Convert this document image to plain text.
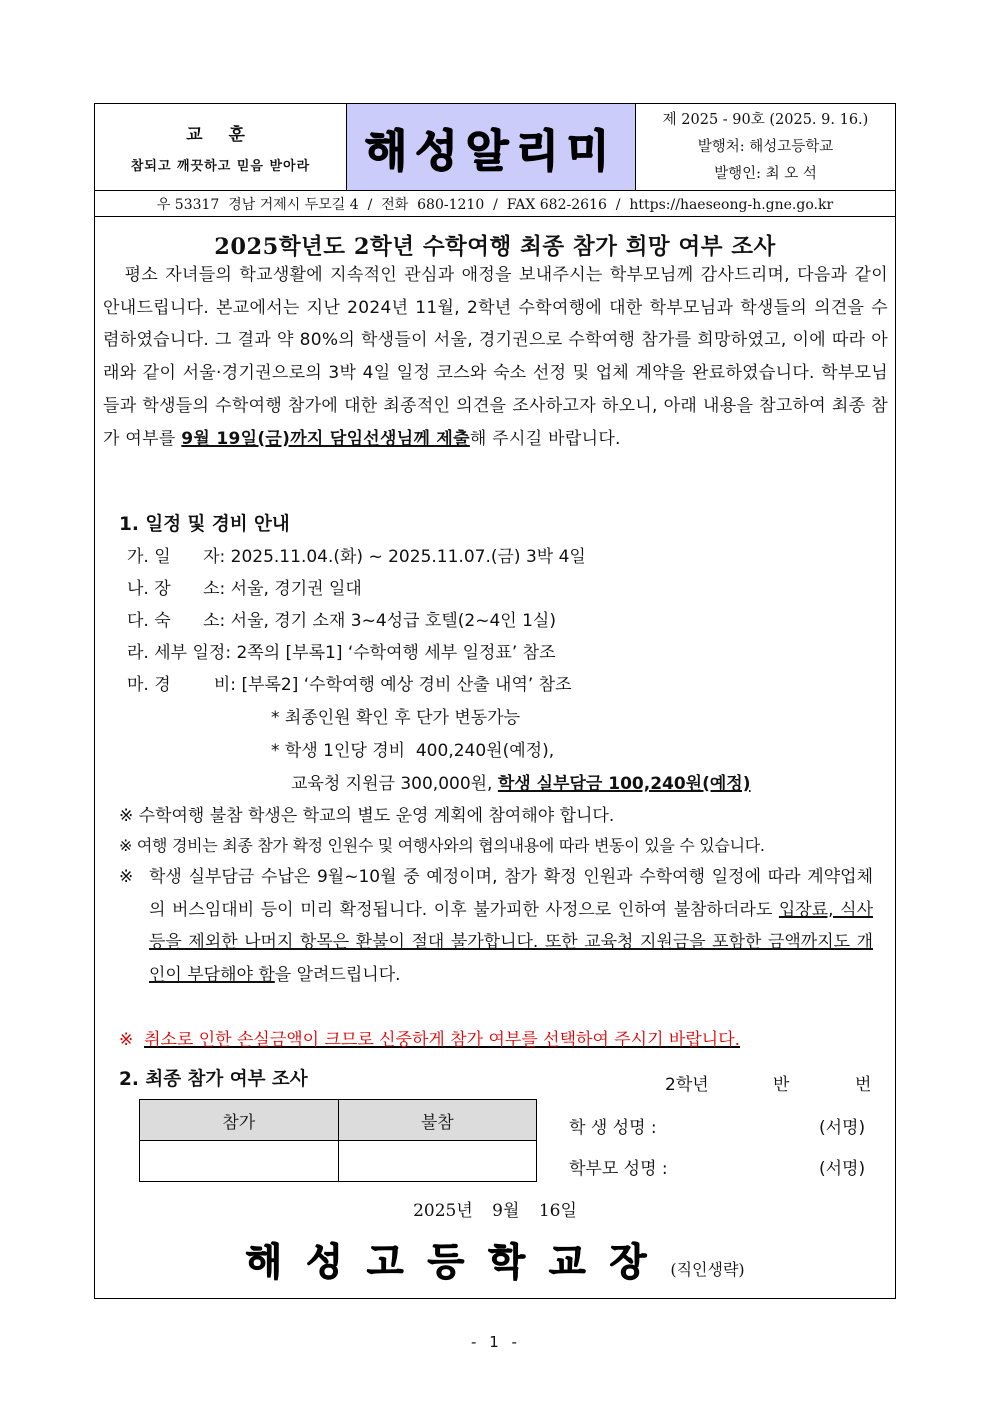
교 훈
참되고 깨끗하고 믿음 받아라 해성알리미
제 2025 - 90호 (2025. 9. 16.)
발행처: 해성고등학교
발행인: 최 오 석
우 53317  경남 거제시 두모길 4  /  전화  680-1210  /  FAX 682-2616  /  https://haeseong-h.gne.go.kr
2025학년도 2학년 수학여행 최종 참가 희망 여부 조사
평소 자녀들의 학교생활에 지속적인 관심과 애정을 보내주시는 학부모님께 감사드리며, 다음과 같이 안내드립니다. 본교에서는 지난 2024년 11월, 2학년 수학여행에 대한 학부모님과 학생들의 의견을 수렴하였습니다. 그 결과 약 80%의 학생들이 서울, 경기권으로 수학여행 참가를 희망하였고, 이에 따라 아래와 같이 서울·경기권으로의 3박 4일 일정 코스와 숙소 선정 및 업체 계약을 완료하였습니다. 학부모님들과 학생들의 수학여행 참가에 대한 최종적인 의견을 조사하고자 하오니, 아래 내용을 참고하여 최종 참가 여부를 9월 19일(금)까지 담임선생님께 제출해 주시길 바랍니다.
1. 일정 및 경비 안내
가. 일      자: 2025.11.04.(화) ~ 2025.11.07.(금) 3박 4일
나. 장      소: 서울, 경기권 일대
다. 숙      소: 서울, 경기 소재 3~4성급 호텔(2~4인 1실)
라. 세부 일정: 2쪽의 [부록1] ‘수학여행 세부 일정표’ 참조
마. 경        비: [부록2] ‘수학여행 예상 경비 산출 내역’ 참조
* 최종인원 확인 후 단가 변동가능
* 학생 1인당 경비  400,240원(예정),
교육청 지원금 300,000원, 학생 실부담금 100,240원(예정)
※ 수학여행 불참 학생은 학교의 별도 운영 계획에 참여해야 합니다.
※ 여행 경비는 최종 참가 확정 인원수 및 여행사와의 협의내용에 따라 변동이 있을 수 있습니다.
※ 학생 실부담금 수납은 9월~10월 중 예정이며, 참가 확정 인원과 수학여행 일정에 따라 계약업체의 버스임대비 등이 미리 확정됩니다. 이후 불가피한 사정으로 인하여 불참하더라도 입장료, 식사 등을 제외한 나머지 항목은 환불이 절대 불가합니다. 또한 교육청 지원금을 포함한 금액까지도 개인이 부담해야 함을 알려드립니다.
※ 취소로 인한 손실금액이 크므로 신중하게 참가 여부를 선택하여 주시기 바랍니다.
2. 최종 참가 여부 조사	2학년	반	번
참가	불참
		학 생 성명 :	(서명)
학부모 성명 :	(서명)
2025년 9월 16일
해성고등학교장(직인생략)
- 1 -
